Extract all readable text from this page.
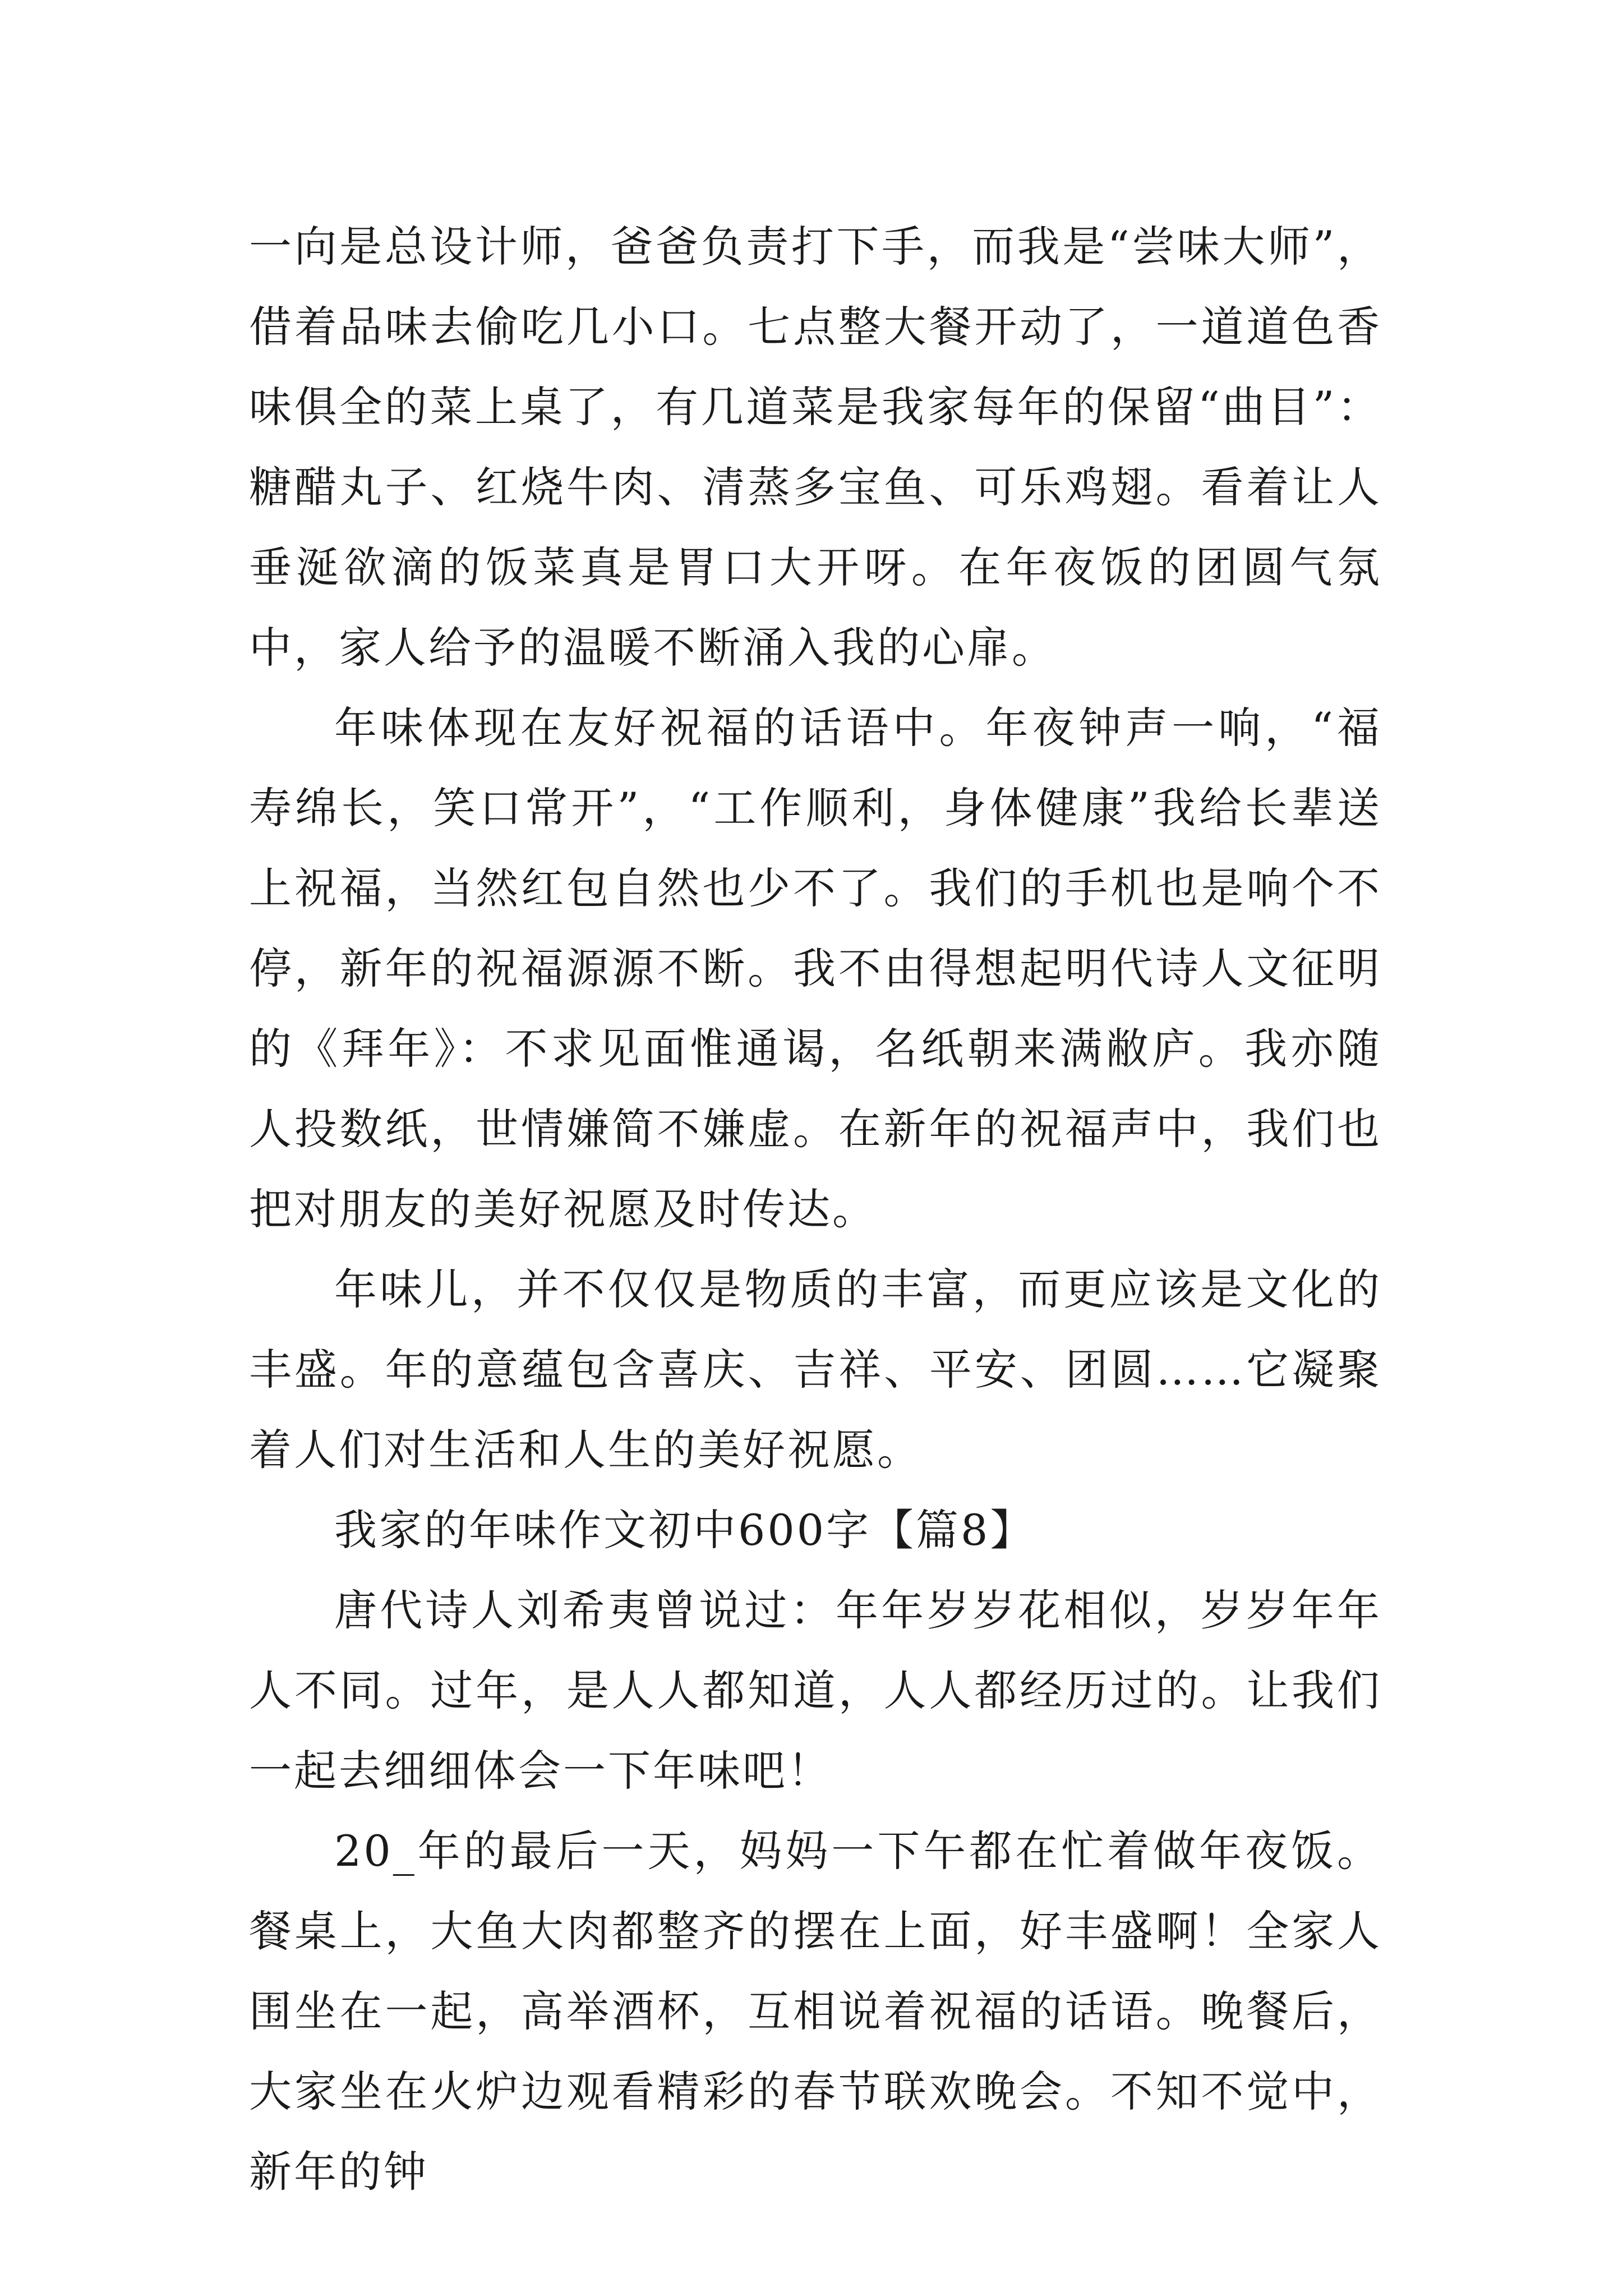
一向是总设计师，爸爸负责打下手，而我是“尝味大师”，借着品味去偷吃几小口。七点整大餐开动了，一道道色香味俱全的菜上桌了，有几道菜是我家每年的保留“曲目”：糖醋丸子、红烧牛肉、清蒸多宝鱼、可乐鸡翅。看着让人垂涎欲滴的饭菜真是胃口大开呀。在年夜饭的团圆气氛中，家人给予的温暖不断涌入我的心扉。

年味体现在友好祝福的话语中。年夜钟声一响，“福寿绵长，笑口常开”，“工作顺利，身体健康”我给长辈送上祝福，当然红包自然也少不了。我们的手机也是响个不停，新年的祝福源源不断。我不由得想起明代诗人文征明的《拜年》：不求见面惟通谒，名纸朝来满敝庐。我亦随人投数纸，世情嫌简不嫌虚。在新年的祝福声中，我们也把对朋友的美好祝愿及时传达。

年味儿，并不仅仅是物质的丰富，而更应该是文化的丰盛。年的意蕴包含喜庆、吉祥、平安、团圆……它凝聚着人们对生活和人生的美好祝愿。

我家的年味作文初中600字【篇8】

唐代诗人刘希夷曾说过：年年岁岁花相似，岁岁年年人不同。过年，是人人都知道，人人都经历过的。让我们一起去细细体会一下年味吧！

20_年的最后一天，妈妈一下午都在忙着做年夜饭。餐桌上，大鱼大肉都整齐的摆在上面，好丰盛啊！全家人围坐在一起，高举酒杯，互相说着祝福的话语。晚餐后，大家坐在火炉边观看精彩的春节联欢晚会。不知不觉中，新年的钟
